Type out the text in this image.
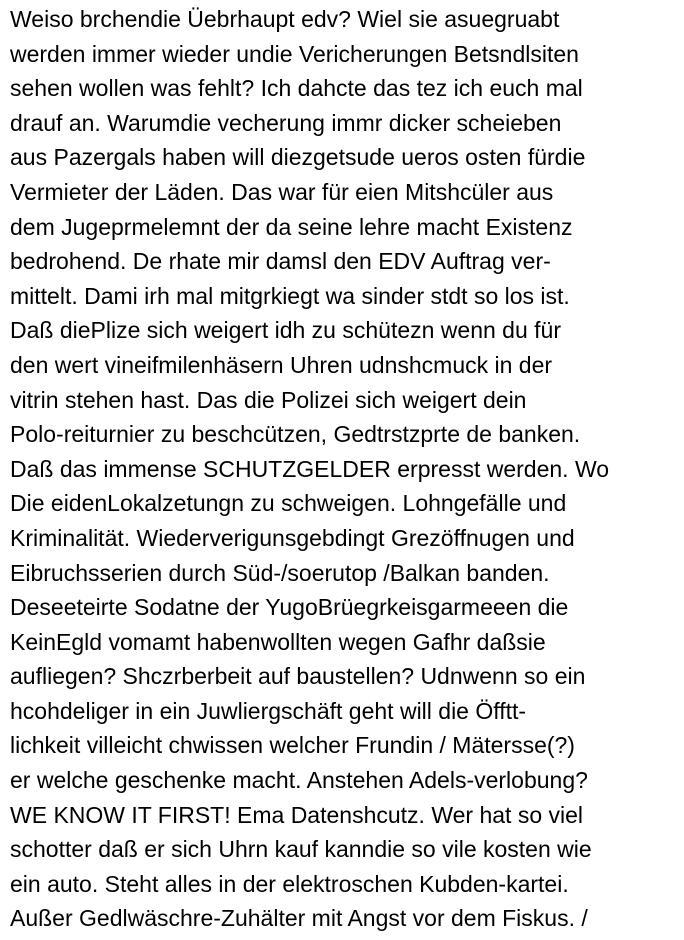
Weiso brchendie Üebrhaupt edv? Wiel sie asuegruabt
werden immer wieder undie Vericherungen Betsndlsiten
sehen wollen was fehlt? Ich dahcte das tez ich euch mal
drauf an. Warumdie vecherung immr dicker scheieben
aus Pazergals haben will diezgetsude ueros osten fürdie
Vermieter der Läden. Das war für eien Mitshcüler aus
dem Jugeprmelemnt der da seine lehre macht Existenz
bedrohend. De rhate mir damsl den EDV Auftrag ver-
mittelt. Dami irh mal mitgrkiegt wa sinder stdt so los ist.
Daß diePlize sich weigert idh zu schütezn wenn du für
den wert vineifmilenhäsern Uhren udnshcmuck in der
vitrin stehen hast. Das die Polizei sich weigert dein
Polo-reiturnier zu beschcützen, Gedtrstzprte de banken.
Daß das immense SCHUTZGELDER erpresst werden. Wo
Die eidenLokalzetungn zu schweigen. Lohngefälle und
Kriminalität. Wiederverigunsgebdingt Grezöffnugen und
Eibruchsserien durch Süd-/soerutop /Balkan banden.
Deseeteirte Sodatne der YugoBrüegrkeisgarmeeen die
KeinEgld vomamt habenwollten wegen Gafhr daßsie
aufliegen? Shczrberbeit auf baustellen? Udnwenn so ein
hcohdeliger in ein Juwliergschäft geht will die Öfftt-
lichkeit villeicht chwissen welcher Frundin / Mätersse(?)
er welche geschenke macht. Anstehen Adels-verlobung?
WE KNOW IT FIRST! Ema Datenshcutz. Wer hat so viel
schotter daß er sich Uhrn kauf kanndie so vile kosten wie
ein auto. Steht alles in der elektroschen Kubden-kartei.
Außer Gedlwäschre-Zuhälter mit Angst vor dem Fiskus. /
